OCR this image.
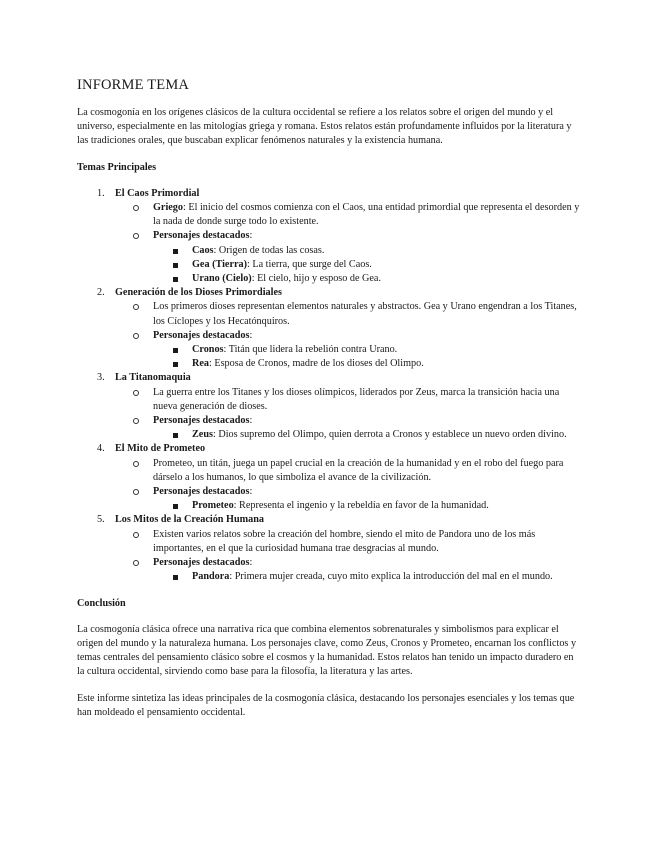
INFORME TEMA

La cosmogonía en los orígenes clásicos de la cultura occidental se refiere a los relatos sobre el origen del mundo y el universo, especialmente en las mitologías griega y romana. Estos relatos están profundamente influidos por la literatura y las tradiciones orales, que buscaban explicar fenómenos naturales y la existencia humana.

Temas Principales

1. El Caos Primordial
Griego: El inicio del cosmos comienza con el Caos, una entidad primordial que representa el desorden y la nada de donde surge todo lo existente.
Personajes destacados:
Caos: Origen de todas las cosas.
Gea (Tierra): La tierra, que surge del Caos.
Urano (Cielo): El cielo, hijo y esposo de Gea.
2. Generación de los Dioses Primordiales
Los primeros dioses representan elementos naturales y abstractos. Gea y Urano engendran a los Titanes, los Cíclopes y los Hecatónquiros.
Personajes destacados:
Cronos: Titán que lidera la rebelión contra Urano.
Rea: Esposa de Cronos, madre de los dioses del Olimpo.
3. La Titanomaquia
La guerra entre los Titanes y los dioses olímpicos, liderados por Zeus, marca la transición hacia una nueva generación de dioses.
Personajes destacados:
Zeus: Dios supremo del Olimpo, quien derrota a Cronos y establece un nuevo orden divino.
4. El Mito de Prometeo
Prometeo, un titán, juega un papel crucial en la creación de la humanidad y en el robo del fuego para dárselo a los humanos, lo que simboliza el avance de la civilización.
Personajes destacados:
Prometeo: Representa el ingenio y la rebeldía en favor de la humanidad.
5. Los Mitos de la Creación Humana
Existen varios relatos sobre la creación del hombre, siendo el mito de Pandora uno de los más importantes, en el que la curiosidad humana trae desgracias al mundo.
Personajes destacados:
Pandora: Primera mujer creada, cuyo mito explica la introducción del mal en el mundo.

Conclusión

La cosmogonía clásica ofrece una narrativa rica que combina elementos sobrenaturales y simbolismos para explicar el origen del mundo y la naturaleza humana. Los personajes clave, como Zeus, Cronos y Prometeo, encarnan los conflictos y temas centrales del pensamiento clásico sobre el cosmos y la humanidad. Estos relatos han tenido un impacto duradero en la cultura occidental, sirviendo como base para la filosofía, la literatura y las artes.

Este informe sintetiza las ideas principales de la cosmogonía clásica, destacando los personajes esenciales y los temas que han moldeado el pensamiento occidental.
